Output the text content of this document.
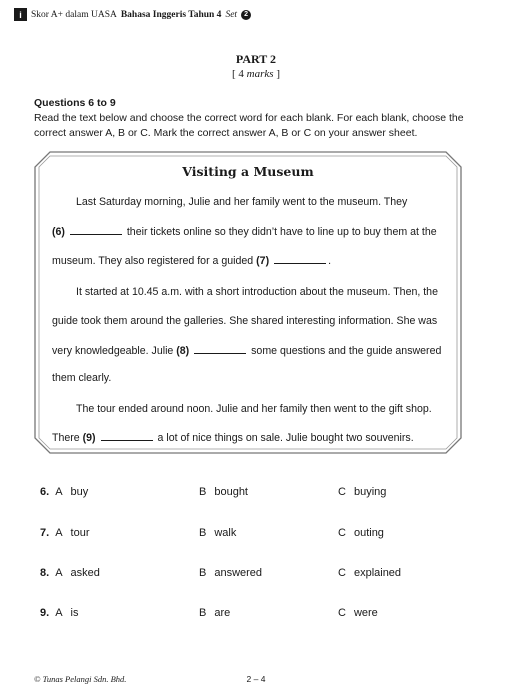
i Skor A+ dalam UASA Bahasa Inggeris Tahun 4 Set	2
PART 2
[ 4 marks ]
Questions 6 to 9
Read the text below and choose the correct word for each blank. For each blank, choose the correct answer A, B or C. Mark the correct answer A, B or C on your answer sheet.
Visiting a Museum
Last Saturday morning, Julie and her family went to the museum. They
(6)	their tickets online so they didn’t have to line up to buy them at the
museum. They also registered for a guided (7)	.
It started at 10.45 a.m. with a short introduction about the museum. Then, the
guide took them around the galleries. She shared interesting information. She was
very knowledgeable. Julie (8)	some questions and the guide answered
them clearly.
The tour ended around noon. Julie and her family then went to the gift shop.
There (9)	a lot of nice things on sale. Julie bought two souvenirs.
6. A buy	B bought	C buying
7. A tour	B walk	C outing
8. A asked	B answered	C explained
9. A is	B are	C were
© Tunas Pelangi Sdn. Bhd.	2 – 4
